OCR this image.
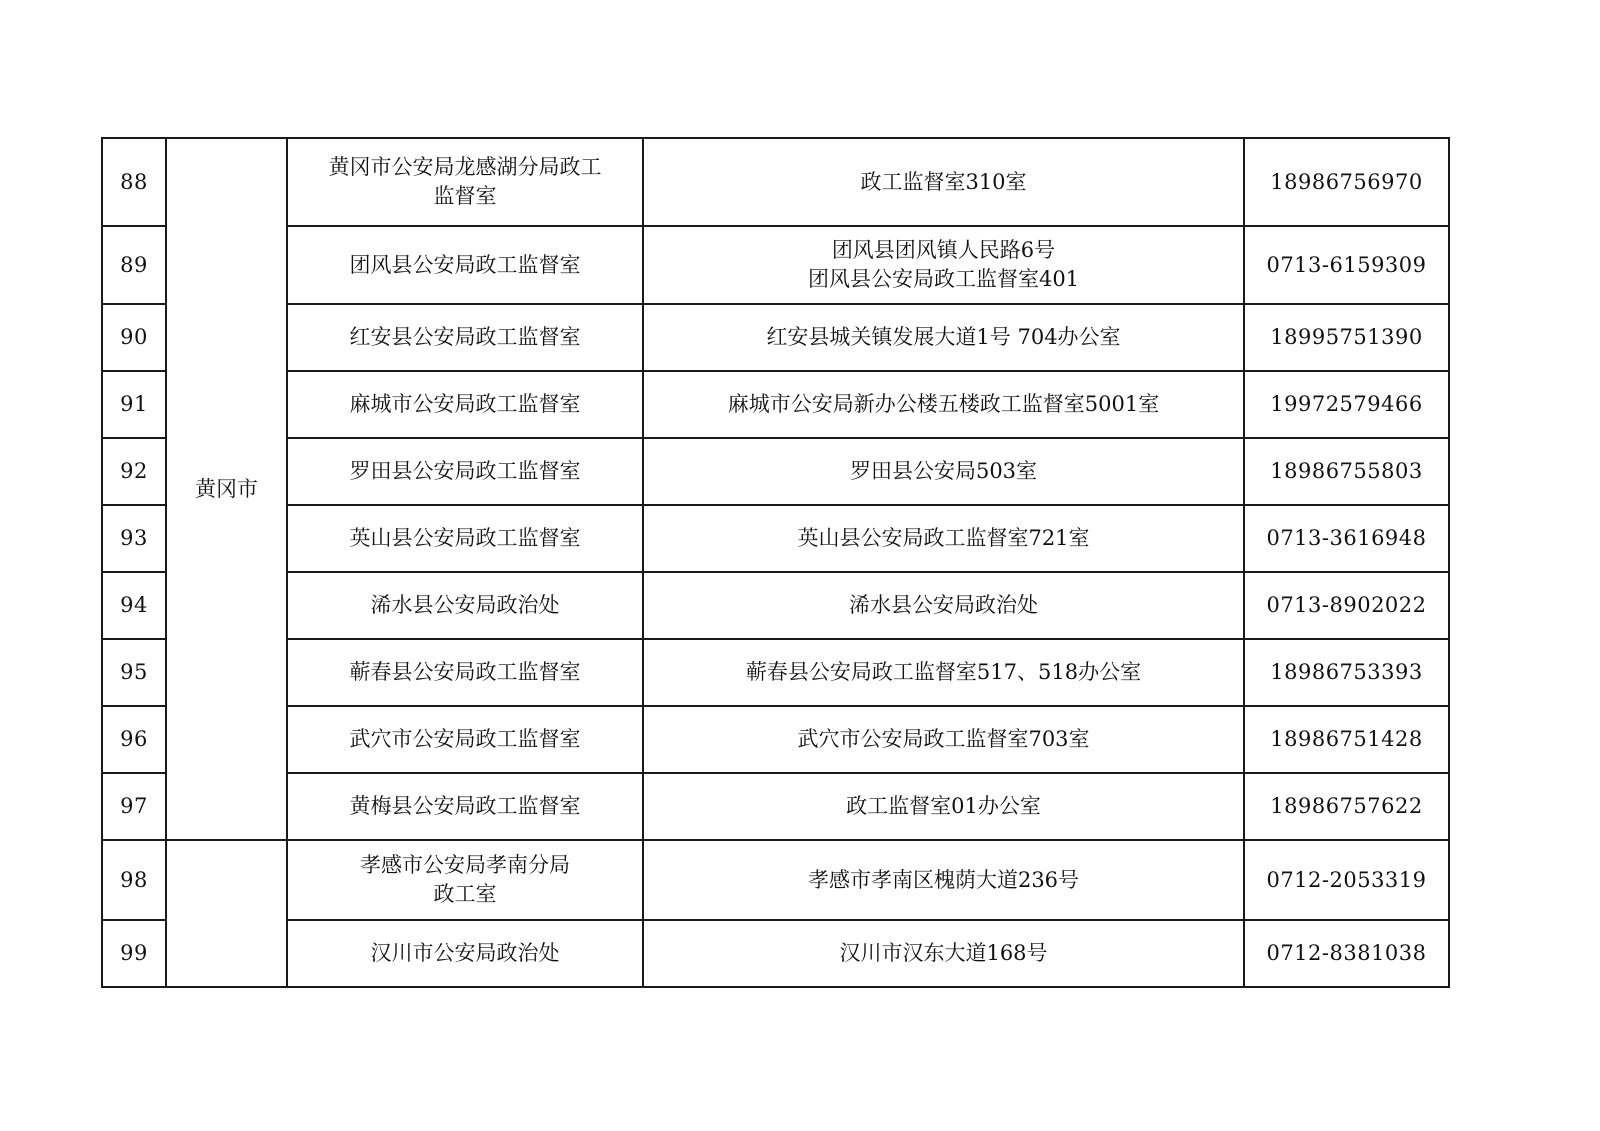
88	黄冈市	黄冈市公安局龙感湖分局政工
监督室	政工监督室310室	18986756970
89		团风县公安局政工监督室	团风县团风镇人民路6号
团风县公安局政工监督室401	0713-6159309
90		红安县公安局政工监督室	红安县城关镇发展大道1号 704办公室	18995751390
91		麻城市公安局政工监督室	麻城市公安局新办公楼五楼政工监督室5001室	19972579466
92		罗田县公安局政工监督室	罗田县公安局503室	18986755803
93		英山县公安局政工监督室	英山县公安局政工监督室721室	0713-3616948
94		浠水县公安局政治处	浠水县公安局政治处	0713-8902022
95		蕲春县公安局政工监督室	蕲春县公安局政工监督室517、518办公室	18986753393
96		武穴市公安局政工监督室	武穴市公安局政工监督室703室	18986751428
97		黄梅县公安局政工监督室	政工监督室01办公室	18986757622
98		孝感市公安局孝南分局
政工室	孝感市孝南区槐荫大道236号	0712-2053319
99		汉川市公安局政治处	汉川市汉东大道168号	0712-8381038
